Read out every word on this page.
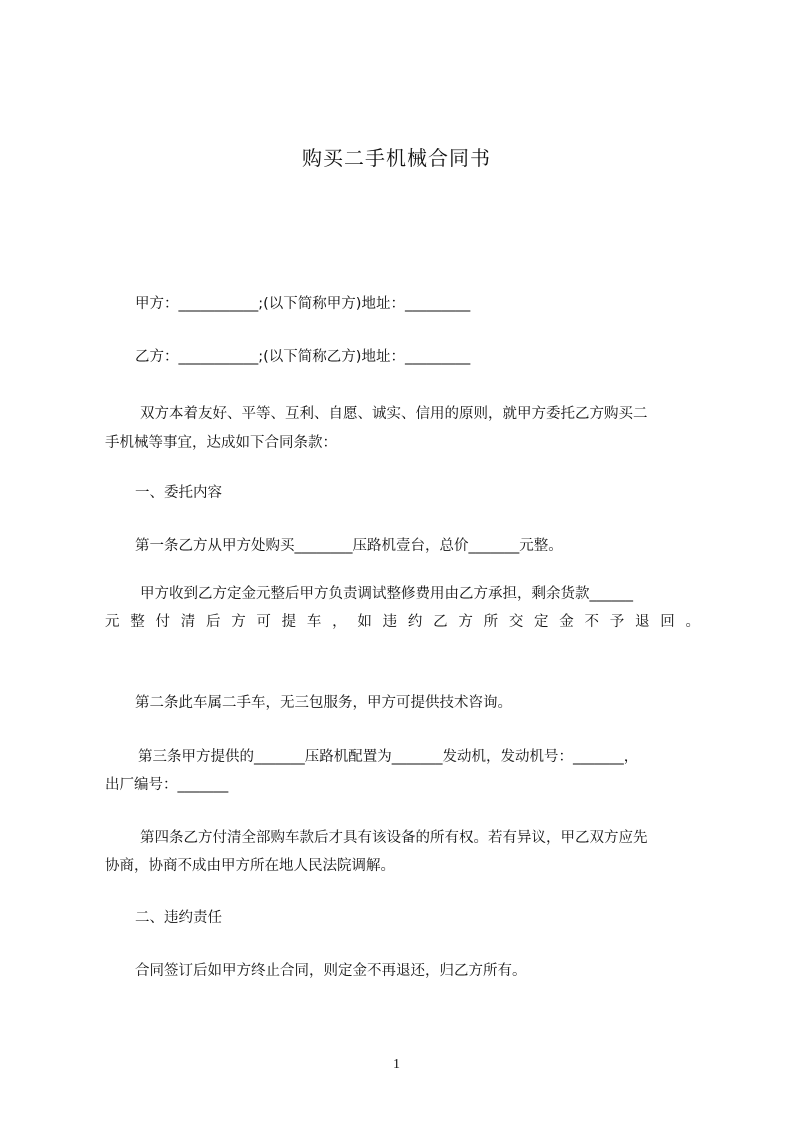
购买二手机械合同书
甲方：___________;(以下简称甲方)地址：_________
乙方：___________;(以下简称乙方)地址：_________
双方本着友好、平等、互利、自愿、诚实、信用的原则，就甲方委托乙方购买二
手机械等事宜，达成如下合同条款：
一、委托内容
第一条乙方从甲方处购买________压路机壹台，总价_______元整。
甲方收到乙方定金元整后甲方负责调试整修费用由乙方承担，剩余货款______
元 整 付 清 后 方 可 提 车 ， 如 违 约 乙 方 所 交 定 金 不 予 退 回 。
第二条此车属二手车，无三包服务，甲方可提供技术咨询。
第三条甲方提供的_______压路机配置为_______发动机，发动机号：_______，
出厂编号：_______
第四条乙方付清全部购车款后才具有该设备的所有权。若有异议，甲乙双方应先
协商，协商不成由甲方所在地人民法院调解。
二、违约责任
合同签订后如甲方终止合同，则定金不再退还，归乙方所有。
1
